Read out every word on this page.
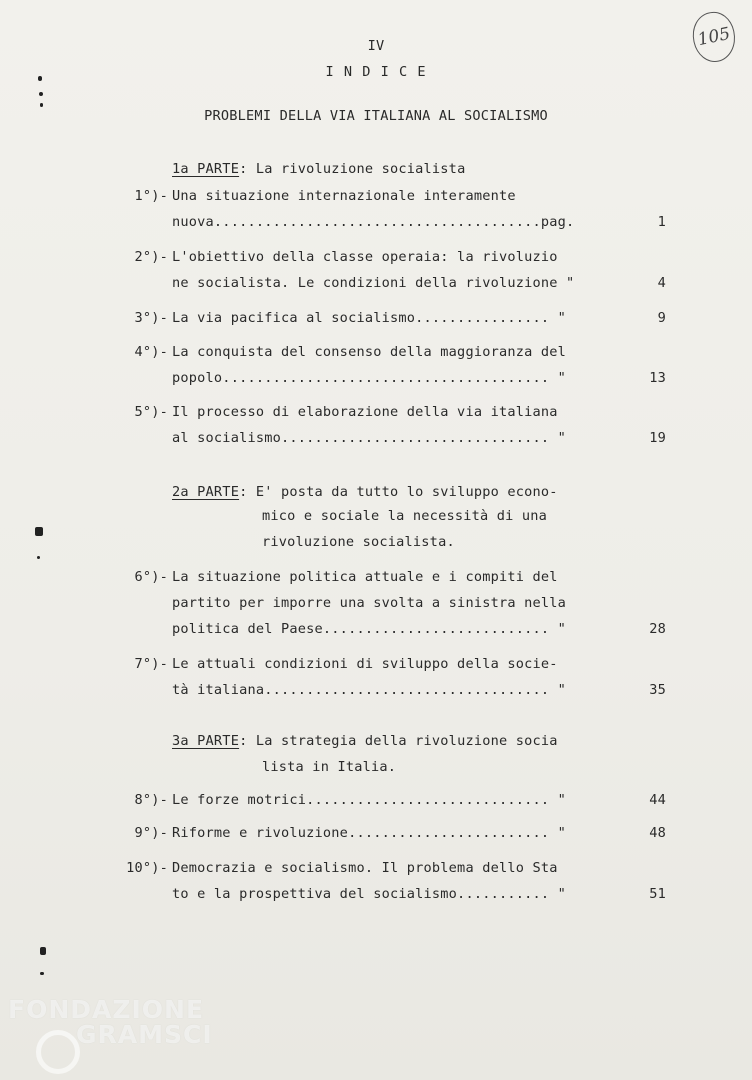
105
IV
I N D I C E
PROBLEMI DELLA VIA ITALIANA AL SOCIALISMO
1a PARTE: La rivoluzione socialista
1°)- Una situazione internazionale interamente
nuova.......................................pag.	1
2°)- L'obiettivo della classe operaia: la rivoluzio
ne socialista. Le condizioni della rivoluzione "	4
3°)- La via pacifica al socialismo................ "	9
4°)- La conquista del consenso della maggioranza del
popolo....................................... "	13
5°)- Il processo di elaborazione della via italiana
al socialismo................................ "	19
2a PARTE: E' posta da tutto lo sviluppo econo-
mico e sociale la necessità di una
rivoluzione socialista.
6°)- La situazione politica attuale e i compiti del
partito per imporre una svolta a sinistra nella
politica del Paese........................... "	28
7°)- Le attuali condizioni di sviluppo della socie-
tà italiana.................................. "	35
3a PARTE: La strategia della rivoluzione socia
lista in Italia.
8°)- Le forze motrici............................. "	44
9°)- Riforme e rivoluzione........................ "	48
10°)- Democrazia e socialismo. Il problema dello Sta
to e la prospettiva del socialismo........... "	51
FONDAZIONE
GRAMSCI
